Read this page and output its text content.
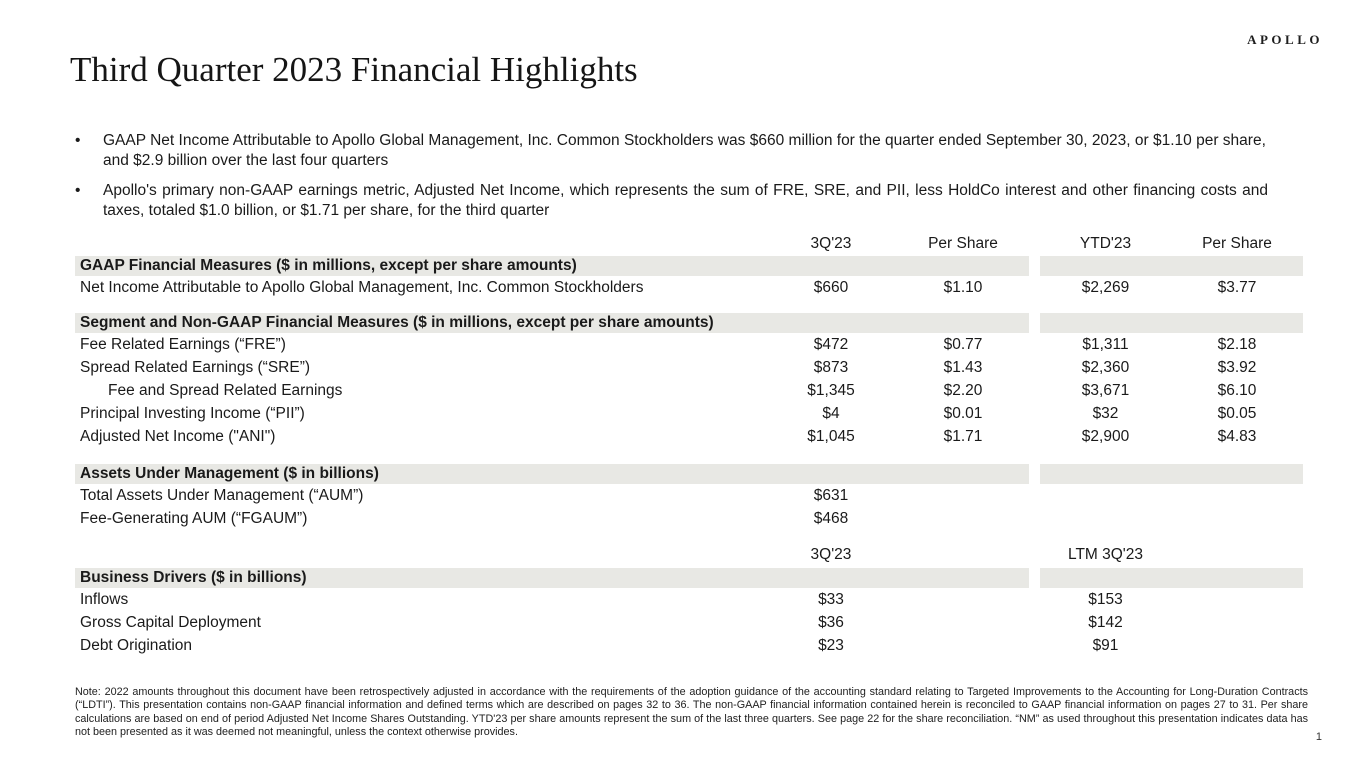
APOLLO
Third Quarter 2023 Financial Highlights
•	GAAP Net Income Attributable to Apollo Global Management, Inc. Common Stockholders was $660 million for the quarter ended September 30, 2023, or $1.10 per share, and $2.9 billion over the last four quarters
•	Apollo's primary non-GAAP earnings metric, Adjusted Net Income, which represents the sum of FRE, SRE, and PII, less HoldCo interest and other financing costs and taxes, totaled $1.0 billion, or $1.71 per share, for the third quarter
3Q'23	Per Share	YTD'23	Per Share
GAAP Financial Measures ($ in millions, except per share amounts)
Net Income Attributable to Apollo Global Management, Inc. Common Stockholders	$660	$1.10	$2,269	$3.77
Segment and Non-GAAP Financial Measures ($ in millions, except per share amounts)
Fee Related Earnings (“FRE”)	$472	$0.77	$1,311	$2.18
Spread Related Earnings (“SRE”)	$873	$1.43	$2,360	$3.92
Fee and Spread Related Earnings	$1,345	$2.20	$3,671	$6.10
Principal Investing Income (“PII”)	$4	$0.01	$32	$0.05
Adjusted Net Income ("ANI")	$1,045	$1.71	$2,900	$4.83
Assets Under Management ($ in billions)
Total Assets Under Management (“AUM”)	$631
Fee-Generating AUM (“FGAUM”)	$468
3Q'23	LTM 3Q'23
Business Drivers ($ in billions)
Inflows	$33	$153
Gross Capital Deployment	$36	$142
Debt Origination	$23	$91
Note: 2022 amounts throughout this document have been retrospectively adjusted in accordance with the requirements of the adoption guidance of the accounting standard relating to Targeted Improvements to the Accounting for Long-Duration Contracts (“LDTI”). This presentation contains non-GAAP financial information and defined terms which are described on pages 32 to 36. The non-GAAP financial information contained herein is reconciled to GAAP financial information on pages 27 to 31. Per share calculations are based on end of period Adjusted Net Income Shares Outstanding. YTD'23 per share amounts represent the sum of the last three quarters. See page 22 for the share reconciliation. “NM” as used throughout this presentation indicates data has not been presented as it was deemed not meaningful, unless the context otherwise provides.	1
